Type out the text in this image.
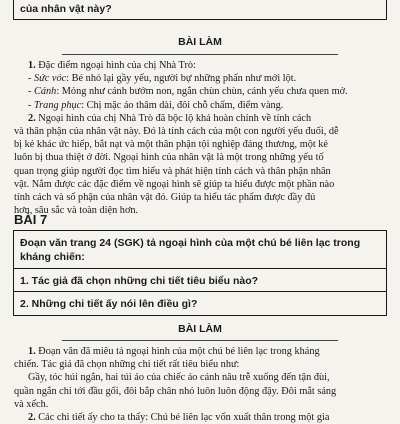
của nhân vật này?

BÀI LÀM

1. Đặc điểm ngoại hình của chị Nhà Trò:

- Sức vóc: Bé nhỏ lại gầy yếu, người bự những phấn như mới lột.

- Cánh: Mỏng như cánh bướm non, ngắn chùn chùn, cánh yếu chưa quen mở.

- Trang phục: Chị mặc áo thâm dài, đôi chỗ chấm, điểm vàng.

2. Ngoại hình của chị Nhà Trò đã bộc lộ khá hoàn chỉnh về tính cách
và thân phận của nhân vật này. Đó là tính cách của một con người yếu đuối, dễ
bị kẻ khác ức hiếp, bắt nạt và một thân phận tội nghiệp đáng thương, một kẻ
luôn bị thua thiệt ở đời. Ngoại hình của nhân vật là một trong những yếu tố
quan trọng giúp người đọc tìm hiểu và phát hiện tính cách và thân phận nhân
vật. Nắm được các đặc điểm về ngoại hình sẽ giúp ta hiểu được một phần nào
tính cách và số phận của nhân vật đó. Giúp ta hiểu tác phẩm được đầy đủ
hơn, sâu sắc và toàn diện hơn.

BÀI 7

Đoạn văn trang 24 (SGK) tả ngoại hình của một chú bé liên lạc trong

kháng chiến:

1. Tác giả đã chọn những chi tiết tiêu biểu nào?

2. Những chi tiết ấy nói lên điều gì?

BÀI LÀM

1. Đoạn văn đã miêu tả ngoại hình của một chú bé liên lạc trong kháng
chiến. Tác giả đã chọn những chi tiết rất tiêu biểu như:

Gầy, tóc húi ngắn, hai túi áo của chiếc áo cánh nâu trễ xuống đến tận đùi,
quần ngắn chỉ tới đầu gối, đôi bắp chân nhỏ luôn luôn động đậy. Đôi mắt sáng
và xếch.

2. Các chi tiết ấy cho ta thấy: Chú bé liên lạc vốn xuất thân trong một gia
